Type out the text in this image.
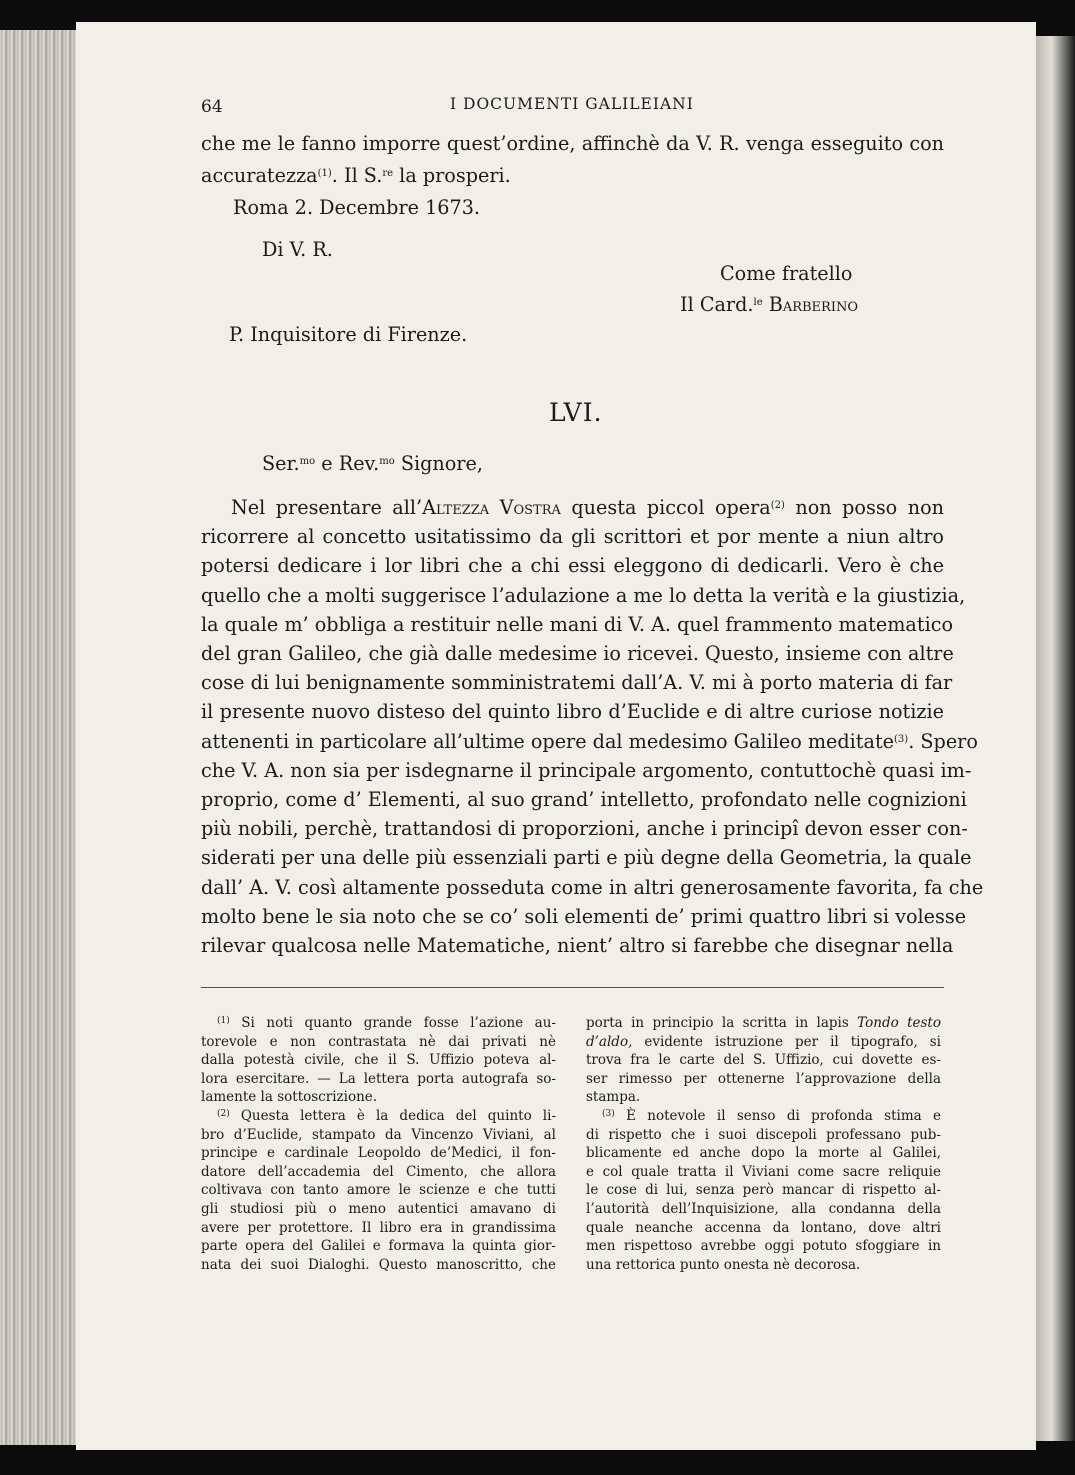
64	I DOCUMENTI GALILEIANI
che me le fanno imporre quest’ordine, affinchè da V. R. venga esseguito con
accuratezza$^{(1)}$. Il S.$^{re}$ la prosperi.
Roma 2. Decembre 1673.
Di V. R.
Come fratello
Il Card.$^{le}$ Barberino
P. Inquisitore di Firenze.
LVI.
Ser.$^{mo}$ e Rev.$^{mo}$ Signore,
Nel presentare all’Altezza Vostra questa piccol opera$^{(2)}$ non posso non
ricorrere al concetto usitatissimo da gli scrittori et por mente a niun altro
potersi dedicare i lor libri che a chi essi eleggono di dedicarli. Vero è che
quello che a molti suggerisce l’adulazione a me lo detta la verità e la giustizia,
la quale m’ obbliga a restituir nelle mani di V. A. quel frammento matematico
del gran Galileo, che già dalle medesime io ricevei. Questo, insieme con altre
cose di lui benignamente somministratemi dall’A. V. mi à porto materia di far
il presente nuovo disteso del quinto libro d’Euclide e di altre curiose notizie
attenenti in particolare all’ultime opere dal medesimo Galileo meditate$^{(3)}$. Spero
che V. A. non sia per isdegnarne il principale argomento, contuttochè quasi im-
proprio, come d’ Elementi, al suo grand’ intelletto, profondato nelle cognizioni
più nobili, perchè, trattandosi di proporzioni, anche i principî devon esser con-
siderati per una delle più essenziali parti e più degne della Geometria, la quale
dall’ A. V. così altamente posseduta come in altri generosamente favorita, fa che
molto bene le sia noto che se co’ soli elementi de’ primi quattro libri si volesse
rilevar qualcosa nelle Matematiche, nient’ altro si farebbe che disegnar nella
$^{(1)}$ Si noti quanto grande fosse l’azione au-
torevole e non contrastata nè dai privati nè
dalla potestà civile, che il S. Uffizio poteva al-
lora esercitare. — La lettera porta autografa so-
lamente la sottoscrizione.
$^{(2)}$ Questa lettera è la dedica del quinto li-
bro d’Euclide, stampato da Vincenzo Viviani, al
principe e cardinale Leopoldo de’Medici, il fon-
datore dell’accademia del Cimento, che allora
coltivava con tanto amore le scienze e che tutti
gli studiosi più o meno autentici amavano di
avere per protettore. Il libro era in grandissima
parte opera del Galilei e formava la quinta gior-
nata dei suoi Dialoghi. Questo manoscritto, che
porta in principio la scritta in lapis Tondo testo
d’aldo, evidente istruzione per il tipografo, si
trova fra le carte del S. Uffizio, cui dovette es-
ser rimesso per ottenerne l’approvazione della
stampa.
$^{(3)}$ È notevole il senso di profonda stima e
di rispetto che i suoi discepoli professano pub-
blicamente ed anche dopo la morte al Galilei,
e col quale tratta il Viviani come sacre reliquie
le cose di lui, senza però mancar di rispetto al-
l’autorità dell’Inquisizione, alla condanna della
quale neanche accenna da lontano, dove altri
men rispettoso avrebbe oggi potuto sfoggiare in
una rettorica punto onesta nè decorosa.
